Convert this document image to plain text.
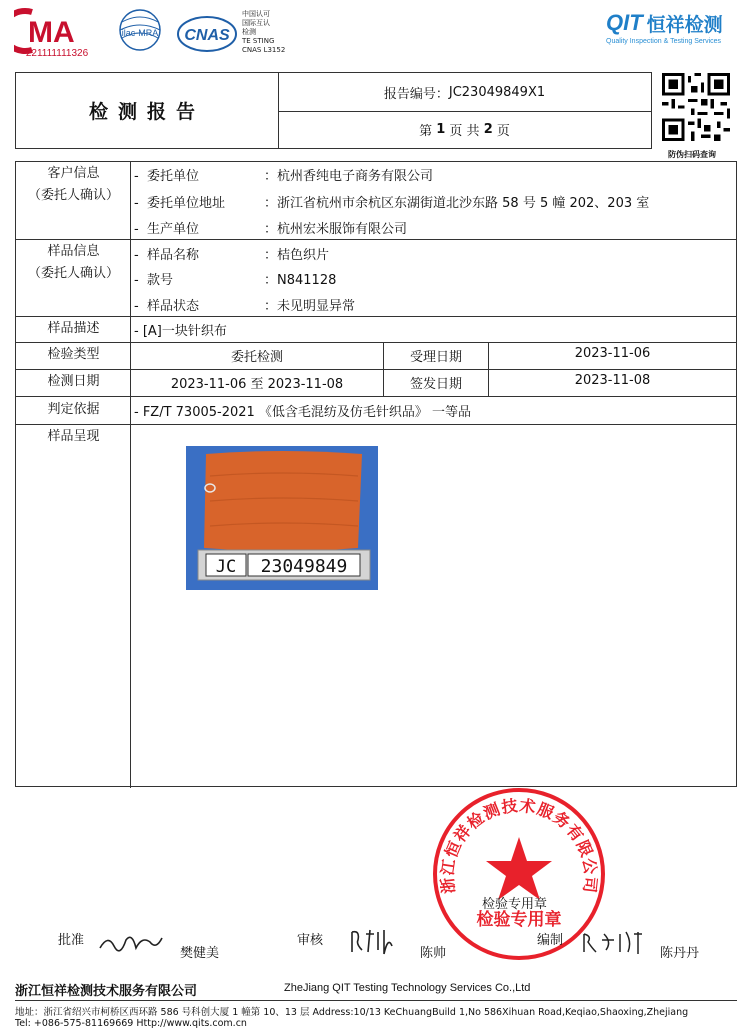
MA
221111111326
ilac-MRA CNAS
中国认可
国际互认
检测
TE STING
CNAS L3152
QIT 恒祥检测
Quality Inspection & Testing Services
检测报告
报告编号： JC23049849X1
第
1
页 共
2
页
防伪扫码查询
客户信息
（委托人确认）
-  委托单位	：杭州香纯电子商务有限公司
-  委托单位地址	：浙江省杭州市余杭区东湖街道北沙东路 58 号 5 幢 202、203 室
-  生产单位	：杭州宏米服饰有限公司
样品信息
（委托人确认）
-  样品名称	：桔色织片
-  款号	：N841128
-  样品状态	：未见明显异常
样品描述	- [A]一块针织布
检验类型	委托检测	受理日期	2023-11-06
检测日期	2023-11-06 至 2023-11-08	签发日期	2023-11-08
判定依据	- FZ/T 73005-2021 《低含毛混纺及仿毛针织品》 一等品
样品呈现
JC 23049849
浙江恒祥检测技术服务有限公司
检验专用章
检验专用章
批准
樊健美
审核
陈帅
编制
陈丹丹
浙江恒祥检测技术服务有限公司	ZheJiang QIT Testing Technology Services Co.,Ltd
地址：浙江省绍兴市柯桥区西环路 586 号科创大厦 1 幢第 10、13 层 Address:10/13 KeChuangBuild 1,No 586Xihuan Road,Keqiao,Shaoxing,Zhejiang
Tel: +086-575-81169669 Http://www.qits.com.cn
